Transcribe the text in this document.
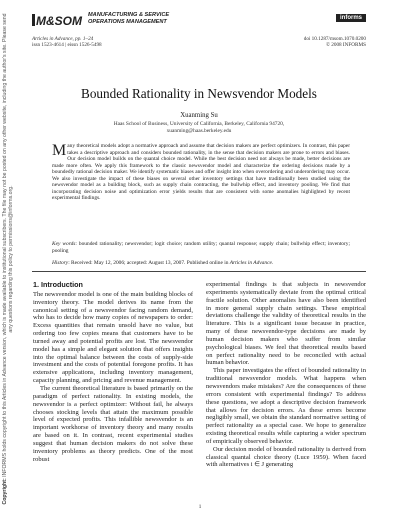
Copyright: INFORMS holds copyright to this Articles in Advance version, which is made available to institutional subscribers. The file may not be posted on any other website, including the author's site. Please send any questions regarding this policy to permissions@informs.org.
M&SOM MANUFACTURING & SERVICE
OPERATIONS MANAGEMENT
Articles in Advance, pp. 1–24
issn 1523-4614 | eissn 1526-5498
informs
doi 10.1287/msom.1070.0200
© 2008 INFORMS
Bounded Rationality in Newsvendor Models
Xuanming Su
Haas School of Business, University of California, Berkeley, California 94720,
xuanming@haas.berkeley.edu
M any theoretical models adopt a normative approach and assume that decision makers are perfect optimizers. In contrast, this paper takes a descriptive approach and considers bounded rationality, in the sense that decision makers are prone to errors and biases. Our decision model builds on the quantal choice model. While the best decision need not always be made, better decisions are made more often. We apply this framework to the classic newsvendor model and characterize the ordering decisions made by a boundedly rational decision maker. We identify systematic biases and offer insight into when overordering and underordering may occur. We also investigate the impact of these biases on several other inventory settings that have traditionally been studied using the newsvendor model as a building block, such as supply chain contracting, the bullwhip effect, and inventory pooling. We find that incorporating decision noise and optimization error yields results that are consistent with some anomalies highlighted by recent experimental findings.
Key words: bounded rationality; newsvendor; logit choice; random utility; quantal response; supply chain; bullwhip effect; inventory; pooling
History: Received: May 12, 2006; accepted: August 13, 2007. Published online in Articles in Advance.
1. Introduction

The newsvendor model is one of the main building blocks of inventory theory. The model derives its name from the canonical setting of a newsvendor facing random demand, who has to decide how many copies of newspapers to order: Excess quantities that remain unsold have no value, but ordering too few copies means that customers have to be turned away and potential profits are lost. The newsvendor model has a simple and elegant solution that offers insights into the optimal balance between the costs of supply-side investment and the costs of potential foregone profits. It has extensive applications, including inventory management, capacity planning, and pricing and revenue management.

The current theoretical literature is based primarily on the paradigm of perfect rationality. In existing models, the newsvendor is a perfect optimizer: Without fail, he always chooses stocking levels that attain the maximum possible level of expected profits. This infallible newsvendor is an important workhorse of inventory theory and many results are based on it. In contrast, recent experimental studies suggest that human decision makers do not solve these inventory problems as theory predicts. One of the most robust

experimental findings is that subjects in newsvendor experiments systematically deviate from the optimal critical fractile solution. Other anomalies have also been identified in more general supply chain settings. These empirical deviations challenge the validity of theoretical results in the literature. This is a significant issue because in practice, many of these newsvendor-type decisions are made by human decision makers who suffer from similar psychological biases. We feel that theoretical results based on perfect rationality need to be reconciled with actual human behavior.

This paper investigates the effect of bounded rationality in traditional newsvendor models. What happens when newsvendors make mistakes? Are the consequences of these errors consistent with experimental findings? To address these questions, we adopt a descriptive decision framework that allows for decision errors. As these errors become negligibly small, we obtain the standard normative setting of perfect rationality as a special case. We hope to generalize existing theoretical results while capturing a wider spectrum of empirically observed behavior.

Our decision model of bounded rationality is derived from classical quantal choice theory (Luce 1959). When faced with alternatives i ∈ J generating

1
